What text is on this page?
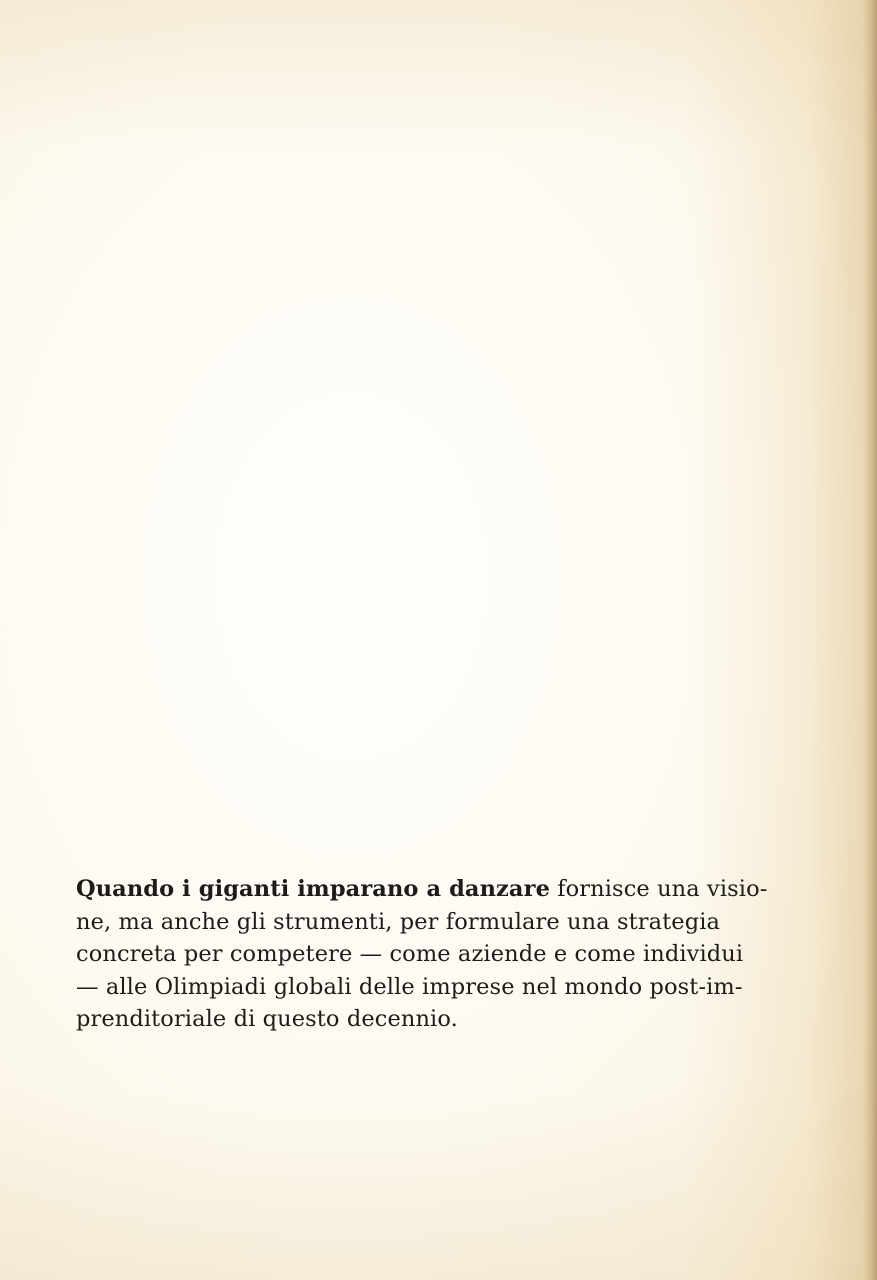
Quando i giganti imparano a danzare fornisce una visio-
ne, ma anche gli strumenti, per formulare una strategia
concreta per competere — come aziende e come individui
— alle Olimpiadi globali delle imprese nel mondo post-im-
prenditoriale di questo decennio.
